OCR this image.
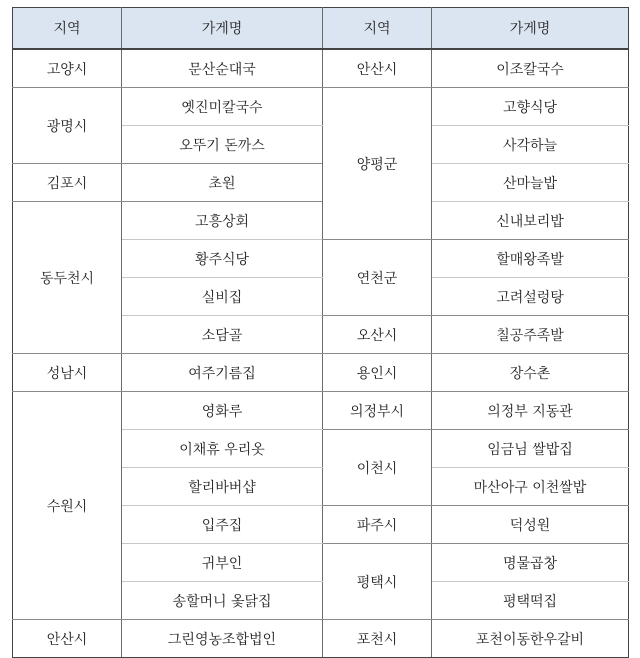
지역	가게명	지역	가게명
고양시	문산순대국	안산시	이조칼국수
광명시	옛진미칼국수	양평군	고향식당
	오뚜기 돈까스		사각하늘
김포시	초원		산마늘밥
동두천시	고흥상회		신내보리밥
	황주식당	연천군	할매왕족발
	실비집		고려설렁탕
	소담골	오산시	칠공주족발
성남시	여주기름집	용인시	장수촌
수원시	영화루	의정부시	의정부 지동관
	이채휴 우리옷	이천시	임금님 쌀밥집
	할리바버샵		마산아구 이천쌀밥
	입주집	파주시	덕성원
	귀부인	평택시	명물곱창
	송할머니 옻닭집		평택떡집
안산시	그린영농조합법인	포천시	포천이동한우갈비
